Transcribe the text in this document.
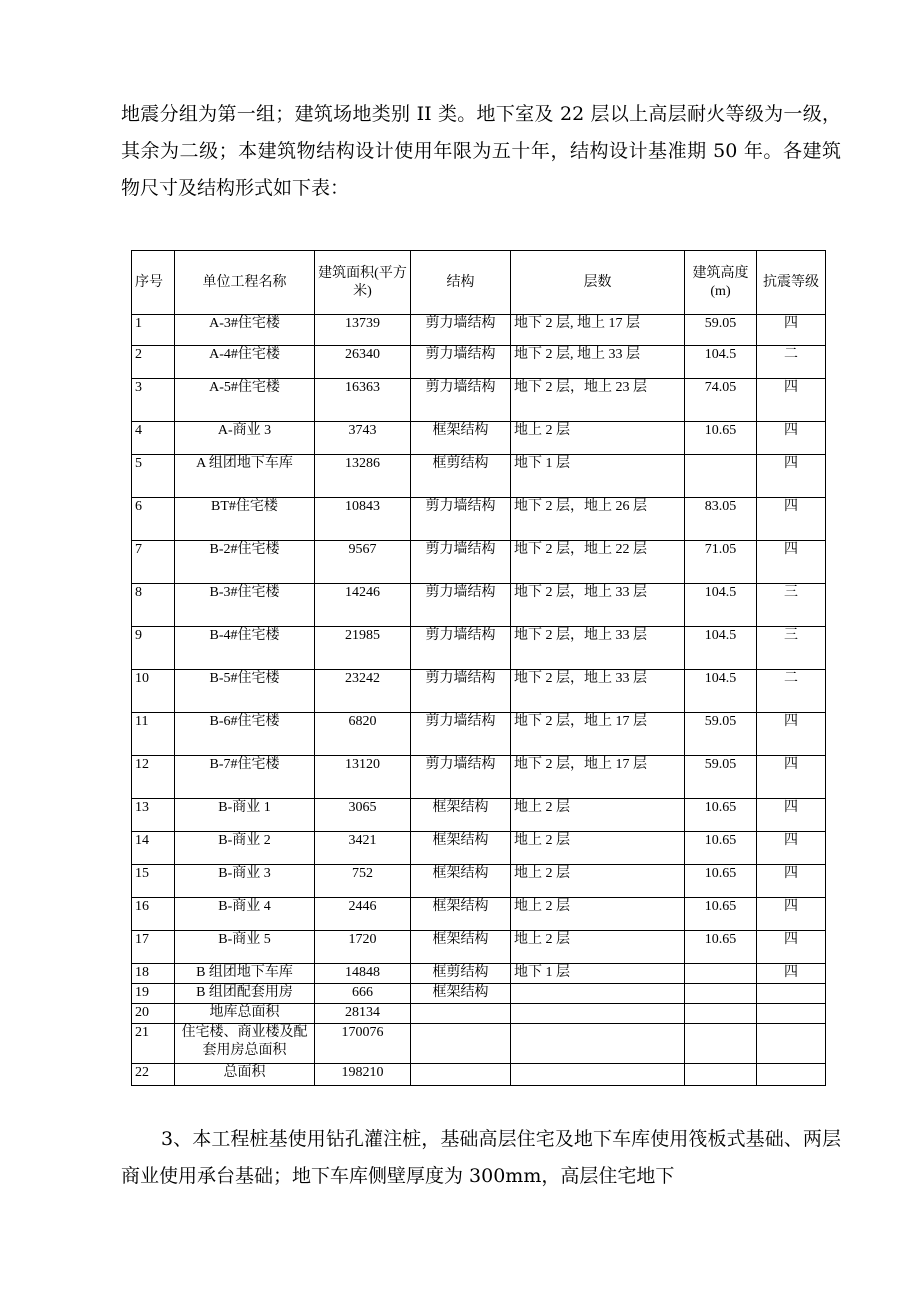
地震分组为第一组；建筑场地类别 II 类。地下室及 22 层以上高层耐火等级为一级，其余为二级；本建筑物结构设计使用年限为五十年，结构设计基准期 50 年。各建筑物尺寸及结构形式如下表：

序号	单位工程名称	建筑面积(平方米)	结构	层数	建筑高度(m)	抗震等级
1	A-3#住宅楼	13739	剪力墙结构	地下 2 层, 地上 17 层	59.05	四
2	A-4#住宅楼	26340	剪力墙结构	地下 2 层, 地上 33 层	104.5	二
3	A-5#住宅楼	16363	剪力墙结构	地下 2 层，地上 23 层	74.05	四
4	A-商业 3	3743	框架结构	地上 2 层	10.65	四
5	A 组团地下车库	13286	框剪结构	地下 1 层		四
6	BT#住宅楼	10843	剪力墙结构	地下 2 层，地上 26 层	83.05	四
7	B-2#住宅楼	9567	剪力墙结构	地下 2 层，地上 22 层	71.05	四
8	B-3#住宅楼	14246	剪力墙结构	地下 2 层，地上 33 层	104.5	三
9	B-4#住宅楼	21985	剪力墙结构	地下 2 层，地上 33 层	104.5	三
10	B-5#住宅楼	23242	剪力墙结构	地下 2 层，地上 33 层	104.5	二
11	B-6#住宅楼	6820	剪力墙结构	地下 2 层，地上 17 层	59.05	四
12	B-7#住宅楼	13120	剪力墙结构	地下 2 层，地上 17 层	59.05	四
13	B-商业 1	3065	框架结构	地上 2 层	10.65	四
14	B-商业 2	3421	框架结构	地上 2 层	10.65	四
15	B-商业 3	752	框架结构	地上 2 层	10.65	四
16	B-商业 4	2446	框架结构	地上 2 层	10.65	四
17	B-商业 5	1720	框架结构	地上 2 层	10.65	四
18	B 组团地下车库	14848	框剪结构	地下 1 层		四
19	B 组团配套用房	666	框架结构			
20	地库总面积	28134				
21	住宅楼、商业楼及配套用房总面积	170076				
22	总面积	198210				

3、本工程桩基使用钻孔灌注桩，基础高层住宅及地下车库使用筏板式基础、两层商业使用承台基础；地下车库侧壁厚度为 300mm，高层住宅地下
